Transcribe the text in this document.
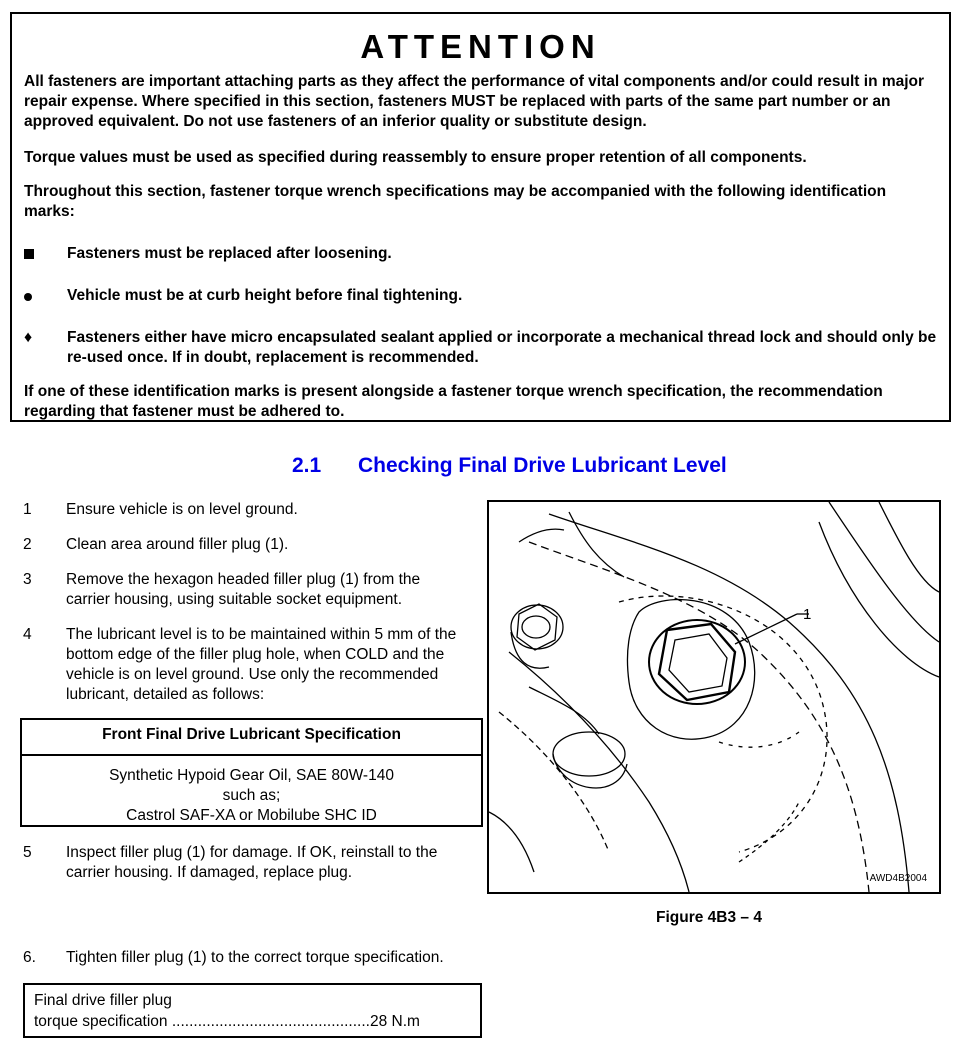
ATTENTION

All fasteners are important attaching parts as they affect the performance of vital components and/or could result in major repair expense. Where specified in this section, fasteners MUST be replaced with parts of the same part number or an approved equivalent. Do not use fasteners of an inferior quality or substitute design.

Torque values must be used as specified during reassembly to ensure proper retention of all components.

Throughout this section, fastener torque wrench specifications may be accompanied with the following identification marks:

Fasteners must be replaced after loosening.

Vehicle must be at curb height before final tightening.

♦ Fasteners either have micro encapsulated sealant applied or incorporate a mechanical thread lock and should only be re-used once. If in doubt, replacement is recommended.

If one of these identification marks is present alongside a fastener torque wrench specification, the recommendation regarding that fastener must be adhered to.

2.1 Checking Final Drive Lubricant Level
1 Ensure vehicle is on level ground.

2 Clean area around filler plug (1).

3 Remove the hexagon headed filler plug (1) from the carrier housing, using suitable socket equipment.

4 The lubricant level is to be maintained within 5 mm of the bottom edge of the filler plug hole, when COLD and the vehicle is on level ground. Use only the recommended lubricant, detailed as follows:

Front Final Drive Lubricant Specification
Synthetic Hypoid Gear Oil, SAE 80W-140
such as;
Castrol SAF-XA or Mobilube SHC ID
5 Inspect filler plug (1) for damage. If OK, reinstall to the carrier housing. If damaged, replace plug.

6. Tighten filler plug (1) to the correct torque specification.

1
AWD4B2004
Figure 4B3 – 4
Final drive filler plug
torque specification ..............................................28 N.m
